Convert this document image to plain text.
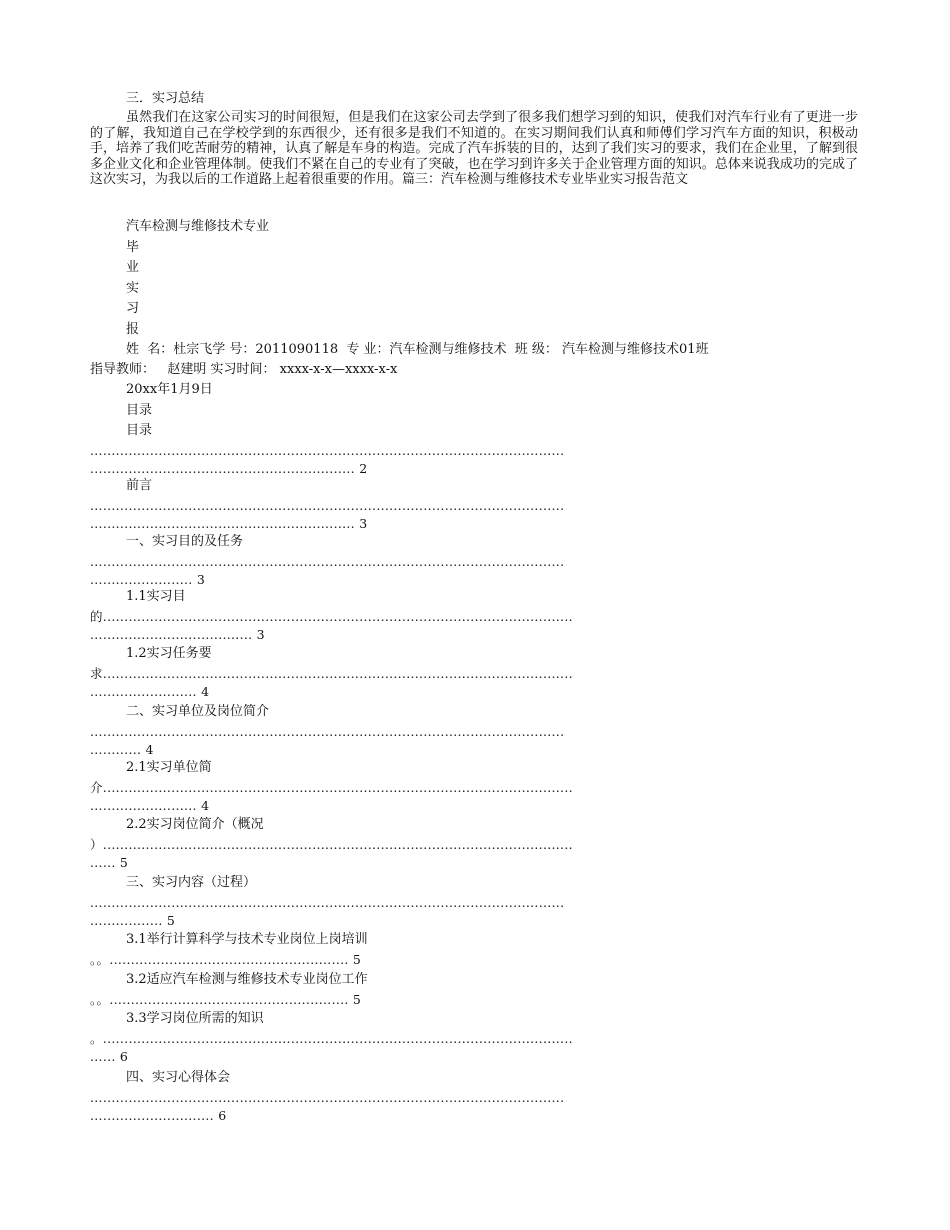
三．实习总结
虽然我们在这家公司实习的时间很短，但是我们在这家公司去学到了很多我们想学习到的知识，使我们对汽车行业有了更进一步的了解，我知道自己在学校学到的东西很少，还有很多是我们不知道的。在实习期间我们认真和师傅们学习汽车方面的知识，积极动手，培养了我们吃苦耐劳的精神，认真了解是车身的构造。完成了汽车拆装的目的，达到了我们实习的要求，我们在企业里，了解到很多企业文化和企业管理体制。使我们不紧在自己的专业有了突破，也在学习到许多关于企业管理方面的知识。总体来说我成功的完成了这次实习，为我以后的工作道路上起着很重要的作用。篇三：汽车检测与维修技术专业毕业实习报告范文
汽车检测与维修技术专业
毕
业
实
习
报
姓  名：杜宗飞学 号：2011090118  专 业：汽车检测与维修技术  班 级： 汽车检测与维修技术01班
指导教师：   赵建明 实习时间： xxxx-x-x—xxxx-x-x
20xx年1月9日
目录
目录
...............................................................................................................
.............................................................. 2
前言
...............................................................................................................
.............................................................. 3
一、实习目的及任务
...............................................................................................................
........................ 3
1.1实习目
的..............................................................................................................
...................................... 3
1.2实习任务要
求..............................................................................................................
......................... 4
二、实习单位及岗位简介
...............................................................................................................
............ 4
2.1实习单位简
介..............................................................................................................
......................... 4
2.2实习岗位简介（概况
）..............................................................................................................
...... 5
三、实习内容（过程）
...............................................................................................................
................. 5
3.1举行计算科学与技术专业岗位上岗培训
。。........................................................ 5
3.2适应汽车检测与维修技术专业岗位工作
。。........................................................ 5
3.3学习岗位所需的知识
。..............................................................................................................
...... 6
四、实习心得体会
...............................................................................................................
............................. 6
